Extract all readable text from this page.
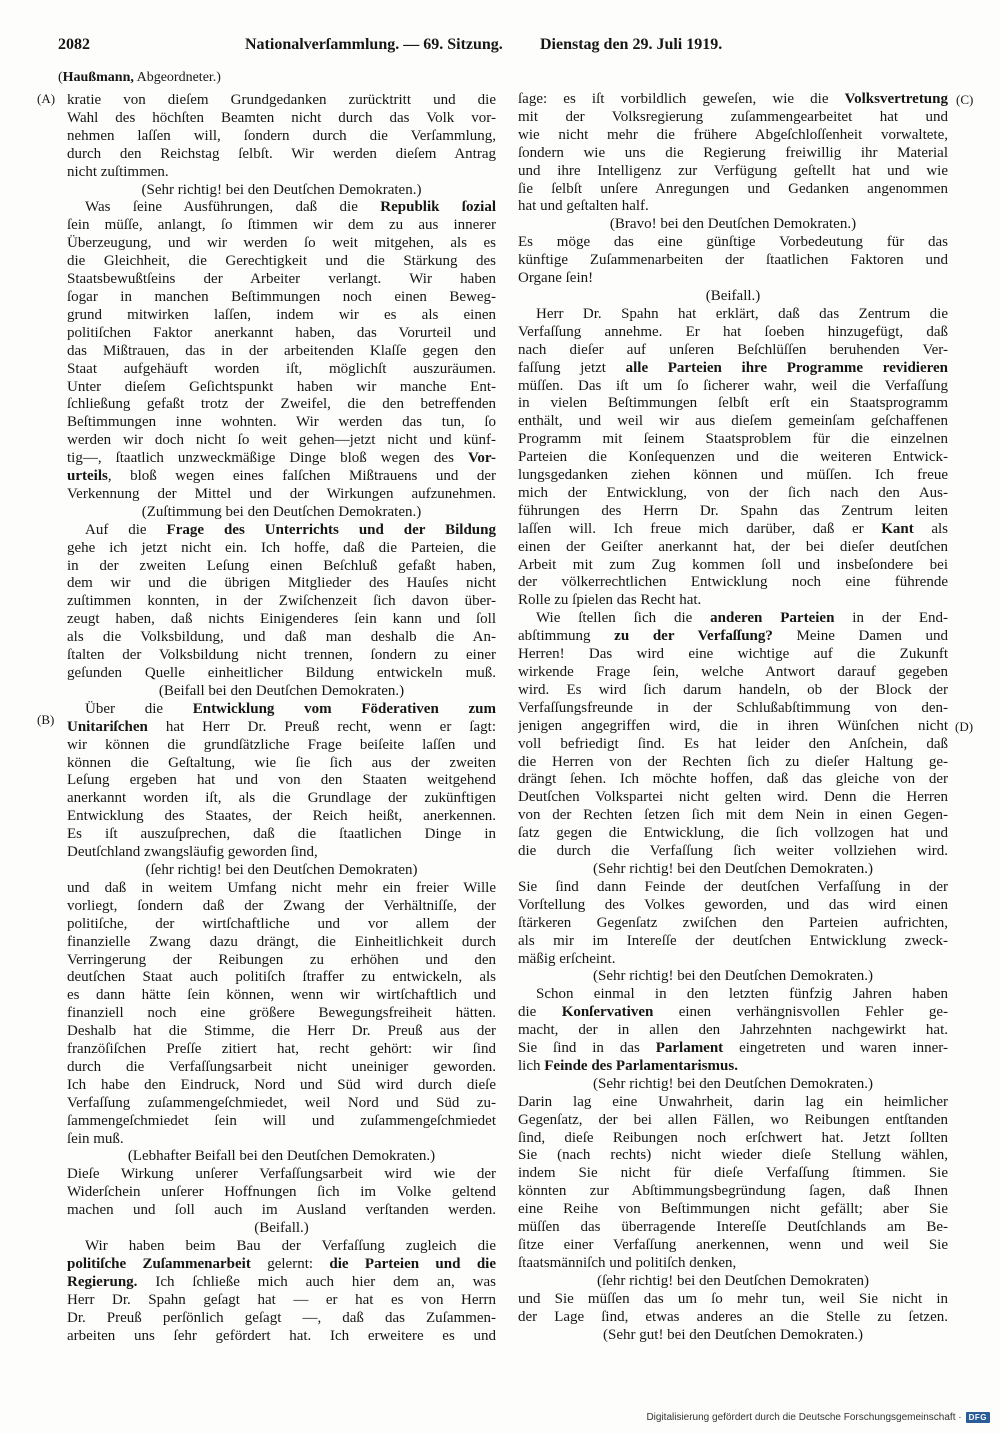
2082	Nationalverſammlung. — 69. Sitzung. Dienstag den 29. Juli 1919.
(Haußmann, Abgeordneter.)
(A)
(B)
(C)
(D)
kratie von dieſem Grundgedanken zurücktritt und die
Wahl des höchſten Beamten nicht durch das Volk vor-
nehmen laſſen will, ſondern durch die Verſammlung,
durch den Reichstag ſelbſt. Wir werden dieſem Antrag
nicht zuſtimmen.
(Sehr richtig! bei den Deutſchen Demokraten.)
Was ſeine Ausführungen, daß die Republik ſozial
ſein müſſe, anlangt, ſo ſtimmen wir dem zu aus innerer
Überzeugung, und wir werden ſo weit mitgehen, als es
die Gleichheit, die Gerechtigkeit und die Stärkung des
Staatsbewußtſeins der Arbeiter verlangt. Wir haben
ſogar in manchen Beſtimmungen noch einen Beweg-
grund mitwirken laſſen, indem wir es als einen
politiſchen Faktor anerkannt haben, das Vorurteil und
das Mißtrauen, das in der arbeitenden Klaſſe gegen den
Staat aufgehäuft worden iſt, möglichſt auszuräumen.
Unter dieſem Geſichtspunkt haben wir manche Ent-
ſchließung gefaßt trotz der Zweifel, die den betreffenden
Beſtimmungen inne wohnten. Wir werden das tun, ſo
werden wir doch nicht ſo weit gehen—jetzt nicht und künf-
tig—, ſtaatlich unzweckmäßige Dinge bloß wegen des Vor-
urteils, bloß wegen eines falſchen Mißtrauens und der
Verkennung der Mittel und der Wirkungen aufzunehmen.
(Zuſtimmung bei den Deutſchen Demokraten.)
Auf die Frage des Unterrichts und der Bildung
gehe ich jetzt nicht ein. Ich hoffe, daß die Parteien, die
in der zweiten Leſung einen Beſchluß gefaßt haben,
dem wir und die übrigen Mitglieder des Hauſes nicht
zuſtimmen konnten, in der Zwiſchenzeit ſich davon über-
zeugt haben, daß nichts Einigenderes ſein kann und ſoll
als die Volksbildung, und daß man deshalb die An-
ſtalten der Volksbildung nicht trennen, ſondern zu einer
geſunden Quelle einheitlicher Bildung entwickeln muß.
(Beifall bei den Deutſchen Demokraten.)
Über die Entwicklung vom Föderativen zum
Unitariſchen hat Herr Dr. Preuß recht, wenn er ſagt:
wir können die grundſätzliche Frage beiſeite laſſen und
können die Geſtaltung, wie ſie ſich aus der zweiten
Leſung ergeben hat und von den Staaten weitgehend
anerkannt worden iſt, als die Grundlage der zukünftigen
Entwicklung des Staates, der Reich heißt, anerkennen.
Es iſt auszuſprechen, daß die ſtaatlichen Dinge in
Deutſchland zwangsläufig geworden ſind,
(ſehr richtig! bei den Deutſchen Demokraten)
und daß in weitem Umfang nicht mehr ein freier Wille
vorliegt, ſondern daß der Zwang der Verhältniſſe, der
politiſche, der wirtſchaftliche und vor allem der
finanzielle Zwang dazu drängt, die Einheitlichkeit durch
Verringerung der Reibungen zu erhöhen und den
deutſchen Staat auch politiſch ſtraffer zu entwickeln, als
es dann hätte ſein können, wenn wir wirtſchaftlich und
finanziell noch eine größere Bewegungsfreiheit hätten.
Deshalb hat die Stimme, die Herr Dr. Preuß aus der
franzöſiſchen Preſſe zitiert hat, recht gehört: wir ſind
durch die Verfaſſungsarbeit nicht uneiniger geworden.
Ich habe den Eindruck, Nord und Süd wird durch dieſe
Verfaſſung zuſammengeſchmiedet, weil Nord und Süd zu-
ſammengeſchmiedet ſein will und zuſammengeſchmiedet
ſein muß.
(Lebhafter Beifall bei den Deutſchen Demokraten.)
Dieſe Wirkung unſerer Verfaſſungsarbeit wird wie der
Widerſchein unſerer Hoffnungen ſich im Volke geltend
machen und ſoll auch im Ausland verſtanden werden.
(Beifall.)
Wir haben beim Bau der Verfaſſung zugleich die
politiſche Zuſammenarbeit gelernt: die Parteien und die
Regierung. Ich ſchließe mich auch hier dem an, was
Herr Dr. Spahn geſagt hat — er hat es von Herrn
Dr. Preuß perſönlich geſagt —, daß das Zuſammen-
arbeiten uns ſehr gefördert hat. Ich erweitere es und
ſage: es iſt vorbildlich geweſen, wie die Volksvertretung
mit der Volksregierung zuſammengearbeitet hat und
wie nicht mehr die frühere Abgeſchloſſenheit vorwaltete,
ſondern wie uns die Regierung freiwillig ihr Material
und ihre Intelligenz zur Verfügung geſtellt hat und wie
ſie ſelbſt unſere Anregungen und Gedanken angenommen
hat und geſtalten half.
(Bravo! bei den Deutſchen Demokraten.)
Es möge das eine günſtige Vorbedeutung für das
künftige Zuſammenarbeiten der ſtaatlichen Faktoren und
Organe ſein!
(Beifall.)
Herr Dr. Spahn hat erklärt, daß das Zentrum die
Verfaſſung annehme. Er hat ſoeben hinzugefügt, daß
nach dieſer auf unſeren Beſchlüſſen beruhenden Ver-
faſſung jetzt alle Parteien ihre Programme revidieren
müſſen. Das iſt um ſo ſicherer wahr, weil die Verfaſſung
in vielen Beſtimmungen ſelbſt erſt ein Staatsprogramm
enthält, und weil wir aus dieſem gemeinſam geſchaffenen
Programm mit ſeinem Staatsproblem für die einzelnen
Parteien die Konſequenzen und die weiteren Entwick-
lungsgedanken ziehen können und müſſen. Ich freue
mich der Entwicklung, von der ſich nach den Aus-
führungen des Herrn Dr. Spahn das Zentrum leiten
laſſen will. Ich freue mich darüber, daß er Kant als
einen der Geiſter anerkannt hat, der bei dieſer deutſchen
Arbeit mit zum Zug kommen ſoll und insbeſondere bei
der völkerrechtlichen Entwicklung noch eine führende
Rolle zu ſpielen das Recht hat.
Wie ſtellen ſich die anderen Parteien in der End-
abſtimmung zu der Verfaſſung? Meine Damen und
Herren! Das wird eine wichtige auf die Zukunft
wirkende Frage ſein, welche Antwort darauf gegeben
wird. Es wird ſich darum handeln, ob der Block der
Verfaſſungsfreunde in der Schlußabſtimmung von den-
jenigen angegriffen wird, die in ihren Wünſchen nicht
voll befriedigt ſind. Es hat leider den Anſchein, daß
die Herren von der Rechten ſich zu dieſer Haltung ge-
drängt ſehen. Ich möchte hoffen, daß das gleiche von der
Deutſchen Volkspartei nicht gelten wird. Denn die Herren
von der Rechten ſetzen ſich mit dem Nein in einen Gegen-
ſatz gegen die Entwicklung, die ſich vollzogen hat und
die durch die Verfaſſung ſich weiter vollziehen wird.
(Sehr richtig! bei den Deutſchen Demokraten.)
Sie ſind dann Feinde der deutſchen Verfaſſung in der
Vorſtellung des Volkes geworden, und das wird einen
ſtärkeren Gegenſatz zwiſchen den Parteien aufrichten,
als mir im Intereſſe der deutſchen Entwicklung zweck-
mäßig erſcheint.
(Sehr richtig! bei den Deutſchen Demokraten.)
Schon einmal in den letzten fünfzig Jahren haben
die Konſervativen einen verhängnisvollen Fehler ge-
macht, der in allen den Jahrzehnten nachgewirkt hat.
Sie ſind in das Parlament eingetreten und waren inner-
lich Feinde des Parlamentarismus.
(Sehr richtig! bei den Deutſchen Demokraten.)
Darin lag eine Unwahrheit, darin lag ein heimlicher
Gegenſatz, der bei allen Fällen, wo Reibungen entſtanden
ſind, dieſe Reibungen noch erſchwert hat. Jetzt ſollten
Sie (nach rechts) nicht wieder dieſe Stellung wählen,
indem Sie nicht für dieſe Verfaſſung ſtimmen. Sie
könnten zur Abſtimmungsbegründung ſagen, daß Ihnen
eine Reihe von Beſtimmungen nicht gefällt; aber Sie
müſſen das überragende Intereſſe Deutſchlands am Be-
ſitze einer Verfaſſung anerkennen, wenn und weil Sie
ſtaatsmänniſch und politiſch denken,
(ſehr richtig! bei den Deutſchen Demokraten)
und Sie müſſen das um ſo mehr tun, weil Sie nicht in
der Lage ſind, etwas anderes an die Stelle zu ſetzen.
(Sehr gut! bei den Deutſchen Demokraten.)
Digitalisierung gefördert durch die Deutsche Forschungsgemeinschaft · DFG
